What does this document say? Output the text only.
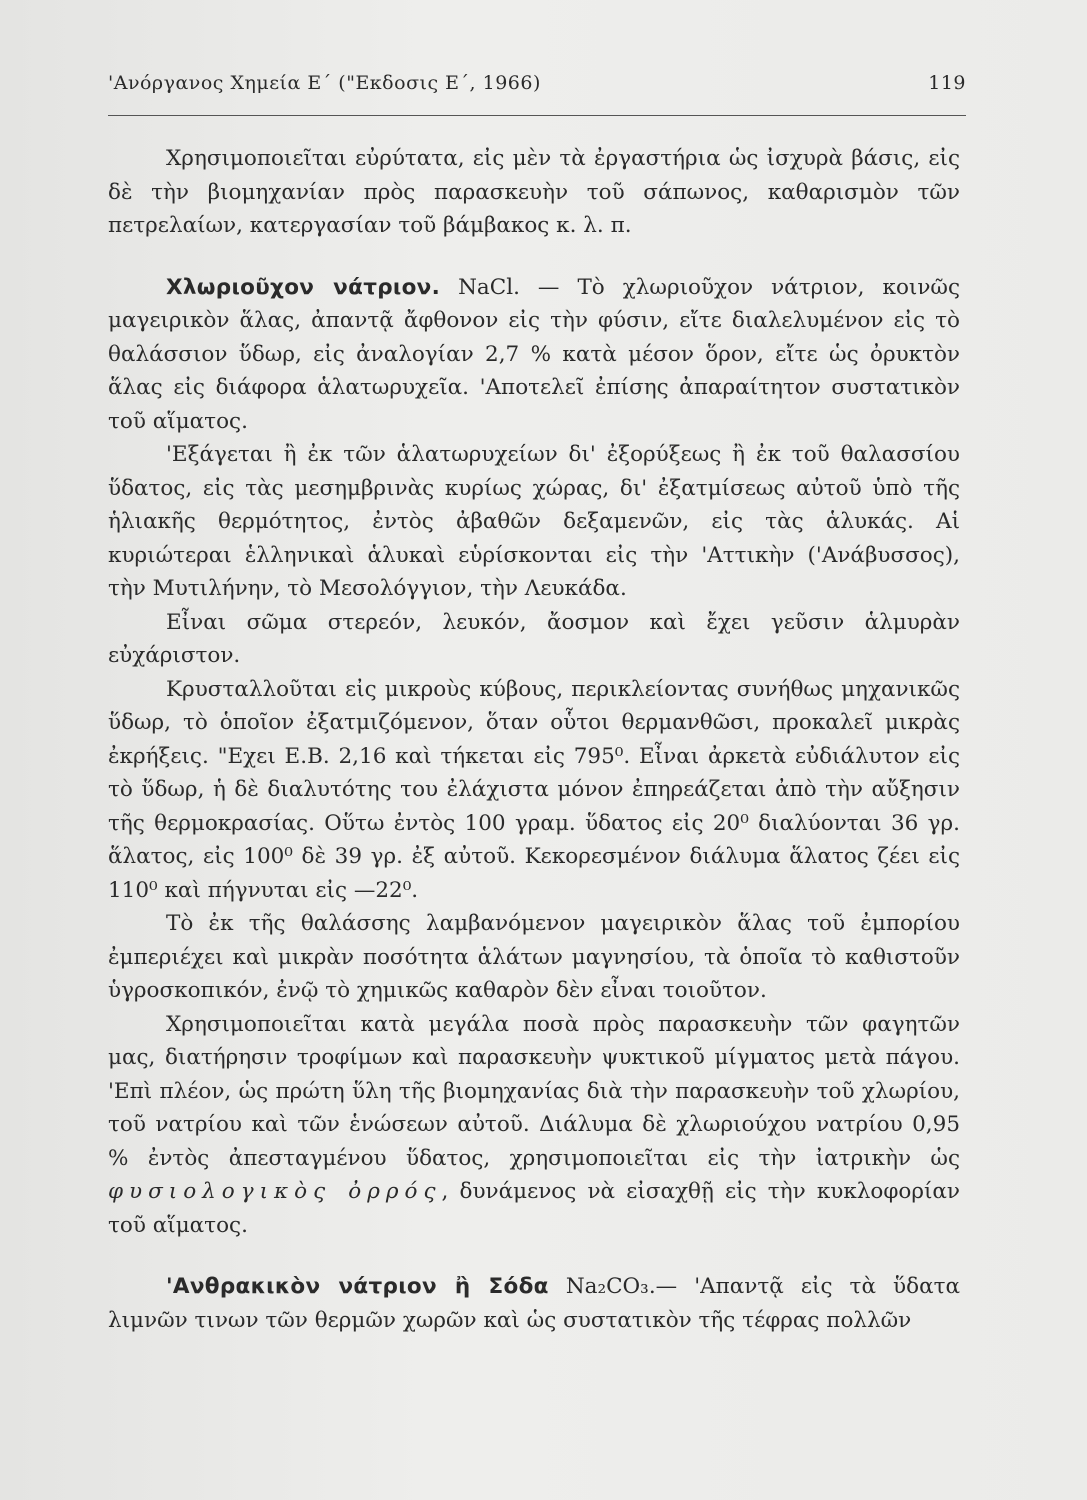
'Ανόργανος Χημεία Ε΄ ("Εκδοσις Ε΄, 1966)	119

Χρησιμοποιεῖται εὐρύτατα, εἰς μὲν τὰ ἐργαστήρια ὡς ἰσχυρὰ βάσις, εἰς δὲ τὴν βιομηχανίαν πρὸς παρασκευὴν τοῦ σάπωνος, καθαρισμὸν τῶν πετρελαίων, κατεργασίαν τοῦ βάμβακος κ. λ. π.

Χλωριοῦχον νάτριον. NaCl. — Τὸ χλωριοῦχον νάτριον, κοινῶς μαγειρικὸν ἅλας, ἀπαντᾷ ἄφθονον εἰς τὴν φύσιν, εἴτε διαλελυμένον εἰς τὸ θαλάσσιον ὕδωρ, εἰς ἀναλογίαν 2,7 % κατὰ μέσον ὅρον, εἴτε ὡς ὀρυκτὸν ἅλας εἰς διάφορα ἁλατωρυχεῖα. 'Αποτελεῖ ἐπίσης ἀπαραίτητον συστατικὸν τοῦ αἵματος.

'Εξάγεται ἢ ἐκ τῶν ἁλατωρυχείων δι' ἐξορύξεως ἢ ἐκ τοῦ θαλασσίου ὕδατος, εἰς τὰς μεσημβρινὰς κυρίως χώρας, δι' ἐξατμίσεως αὐτοῦ ὑπὸ τῆς ἡλιακῆς θερμότητος, ἐντὸς ἀβαθῶν δεξαμενῶν, εἰς τὰς ἁλυκάς. Αἱ κυριώτεραι ἑλληνικαὶ ἁλυκαὶ εὑρίσκονται εἰς τὴν 'Αττικὴν ('Ανάβυσσος), τὴν Μυτιλήνην, τὸ Μεσολόγγιον, τὴν Λευκάδα.

Εἶναι σῶμα στερεόν, λευκόν, ἄοσμον καὶ ἔχει γεῦσιν ἁλμυρὰν εὐχάριστον.

Κρυσταλλοῦται εἰς μικροὺς κύβους, περικλείοντας συνήθως μηχανικῶς ὕδωρ, τὸ ὁποῖον ἐξατμιζόμενον, ὅταν οὗτοι θερμανθῶσι, προκαλεῖ μικρὰς ἐκρήξεις. "Εχει Ε.Β. 2,16 καὶ τήκεται εἰς 795⁰. Εἶναι ἀρκετὰ εὐδιάλυτον εἰς τὸ ὕδωρ, ἡ δὲ διαλυτότης του ἐλάχιστα μόνον ἐπηρεάζεται ἀπὸ τὴν αὔξησιν τῆς θερμοκρασίας. Οὕτω ἐντὸς 100 γραμ. ὕδατος εἰς 20⁰ διαλύονται 36 γρ. ἅλατος, εἰς 100⁰ δὲ 39 γρ. ἐξ αὐτοῦ. Κεκορεσμένον διάλυμα ἅλατος ζέει εἰς 110⁰ καὶ πήγνυται εἰς —22⁰.

Τὸ ἐκ τῆς θαλάσσης λαμβανόμενον μαγειρικὸν ἅλας τοῦ ἐμπορίου ἐμπεριέχει καὶ μικρὰν ποσότητα ἁλάτων μαγνησίου, τὰ ὁποῖα τὸ καθιστοῦν ὑγροσκοπικόν, ἐνῷ τὸ χημικῶς καθαρὸν δὲν εἶναι τοιοῦτον.

Χρησιμοποιεῖται κατὰ μεγάλα ποσὰ πρὸς παρασκευὴν τῶν φαγητῶν μας, διατήρησιν τροφίμων καὶ παρασκευὴν ψυκτικοῦ μίγματος μετὰ πάγου. 'Επὶ πλέον, ὡς πρώτη ὕλη τῆς βιομηχανίας διὰ τὴν παρασκευὴν τοῦ χλωρίου, τοῦ νατρίου καὶ τῶν ἑνώσεων αὐτοῦ. Διάλυμα δὲ χλωριούχου νατρίου 0,95 % ἐντὸς ἀπεσταγμένου ὕδατος, χρησιμοποιεῖται εἰς τὴν ἰατρικὴν ὡς φυσιολογικὸς ὀρρός, δυνάμενος νὰ εἰσαχθῇ εἰς τὴν κυκλοφορίαν τοῦ αἵματος.

'Ανθρακικὸν νάτριον ἢ Σόδα Na₂CO₃.— 'Απαντᾷ εἰς τὰ ὕδατα λιμνῶν τινων τῶν θερμῶν χωρῶν καὶ ὡς συστατικὸν τῆς τέφρας πολλῶν
